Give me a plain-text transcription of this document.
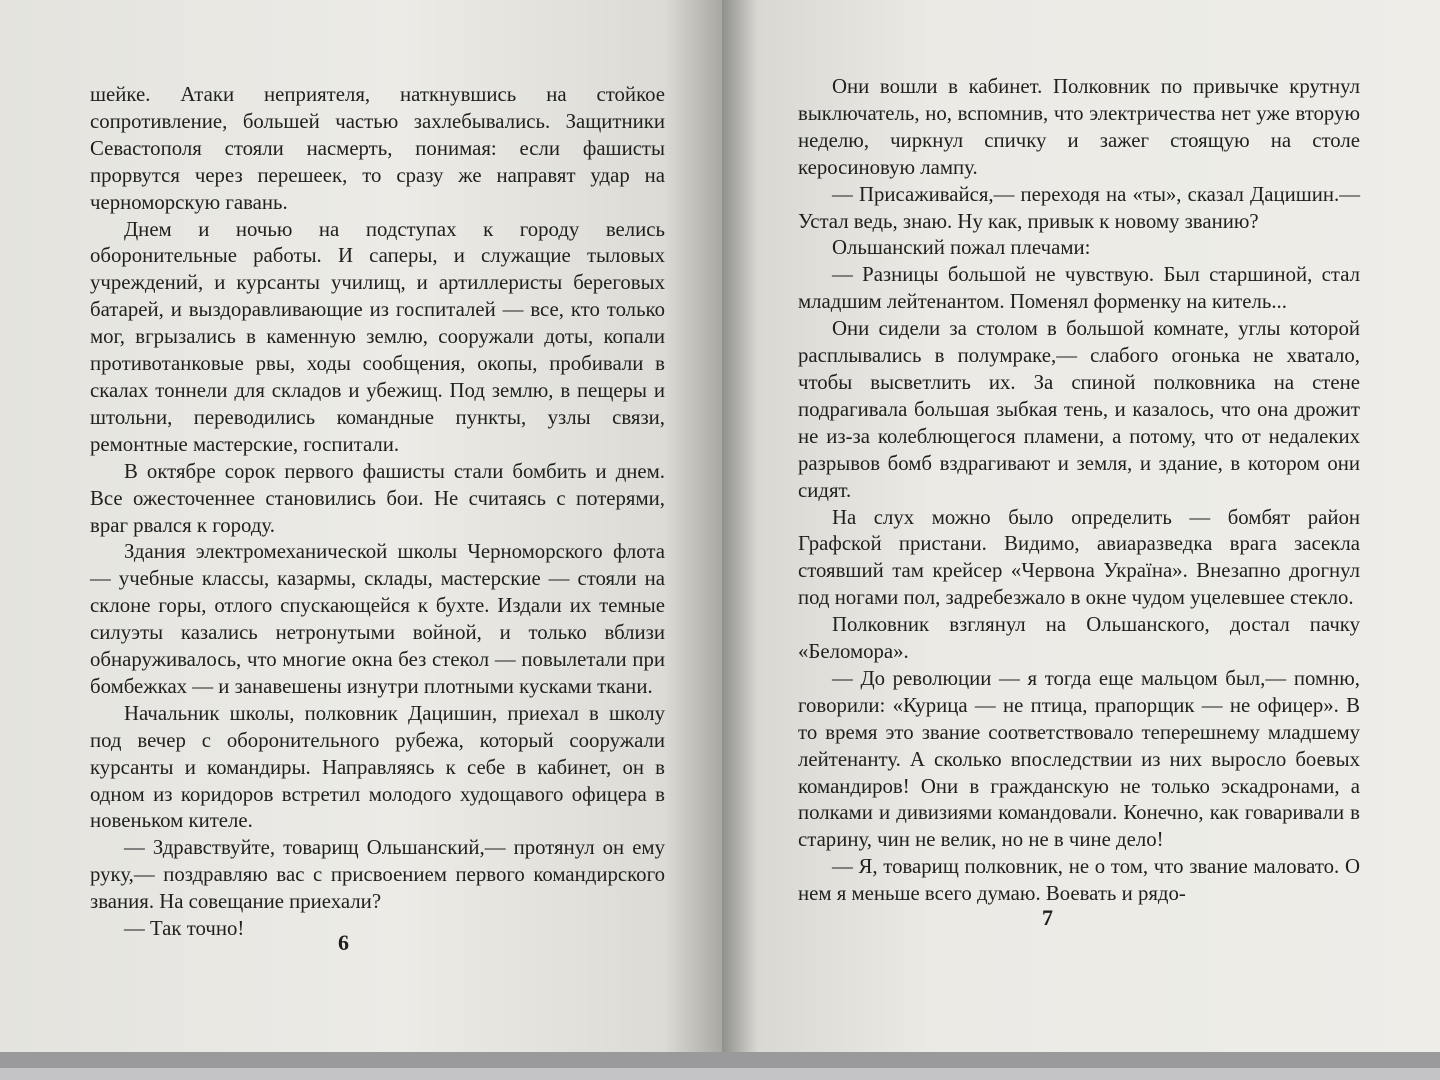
шейке. Атаки неприятеля, наткнувшись на стойкое сопротивление, большей частью захлебывались. Защитники Севастополя стояли насмерть, понимая: если фашисты прорвутся через перешеек, то сразу же направят удар на черноморскую гавань.

Днем и ночью на подступах к городу велись оборонительные работы. И саперы, и служащие тыловых учреждений, и курсанты училищ, и артиллеристы береговых батарей, и выздоравливающие из госпиталей — все, кто только мог, вгрызались в каменную землю, сооружали доты, копали противотанковые рвы, ходы сообщения, окопы, пробивали в скалах тоннели для складов и убежищ. Под землю, в пещеры и штольни, переводились командные пункты, узлы связи, ремонтные мастерские, госпитали.

В октябре сорок первого фашисты стали бомбить и днем. Все ожесточеннее становились бои. Не считаясь с потерями, враг рвался к городу.

Здания электромеханической школы Черноморского флота — учебные классы, казармы, склады, мастерские — стояли на склоне горы, отлого спускающейся к бухте. Издали их темные силуэты казались нетронутыми войной, и только вблизи обнаруживалось, что многие окна без стекол — повылетали при бомбежках — и занавешены изнутри плотными кусками ткани.

Начальник школы, полковник Дацишин, приехал в школу под вечер с оборонительного рубежа, который сооружали курсанты и командиры. Направляясь к себе в кабинет, он в одном из коридоров встретил молодого худощавого офицера в новеньком кителе.

— Здравствуйте, товарищ Ольшанский,— протянул он ему руку,— поздравляю вас с присвоением первого командирского звания. На совещание приехали?

— Так точно!

6

Они вошли в кабинет. Полковник по привычке крутнул выключатель, но, вспомнив, что электричества нет уже вторую неделю, чиркнул спичку и зажег стоящую на столе керосиновую лампу.

— Присаживайся,— переходя на «ты», сказал Дацишин.— Устал ведь, знаю. Ну как, привык к новому званию?

Ольшанский пожал плечами:

— Разницы большой не чувствую. Был старшиной, стал младшим лейтенантом. Поменял форменку на китель...

Они сидели за столом в большой комнате, углы которой расплывались в полумраке,— слабого огонька не хватало, чтобы высветлить их. За спиной полковника на стене подрагивала большая зыбкая тень, и казалось, что она дрожит не из-за колеблющегося пламени, а потому, что от недалеких разрывов бомб вздрагивают и земля, и здание, в котором они сидят.

На слух можно было определить — бомбят район Графской пристани. Видимо, авиаразведка врага засекла стоявший там крейсер «Червона Украïна». Внезапно дрогнул под ногами пол, задребезжало в окне чудом уцелевшее стекло.

Полковник взглянул на Ольшанского, достал пачку «Беломора».

— До революции — я тогда еще мальцом был,— помню, говорили: «Курица — не птица, прапорщик — не офицер». В то время это звание соответствовало теперешнему младшему лейтенанту. А сколько впоследствии из них выросло боевых командиров! Они в гражданскую не только эскадронами, а полками и дивизиями командовали. Конечно, как говаривали в старину, чин не велик, но не в чине дело!

— Я, товарищ полковник, не о том, что звание маловато. О нем я меньше всего думаю. Воевать и рядо-

7
